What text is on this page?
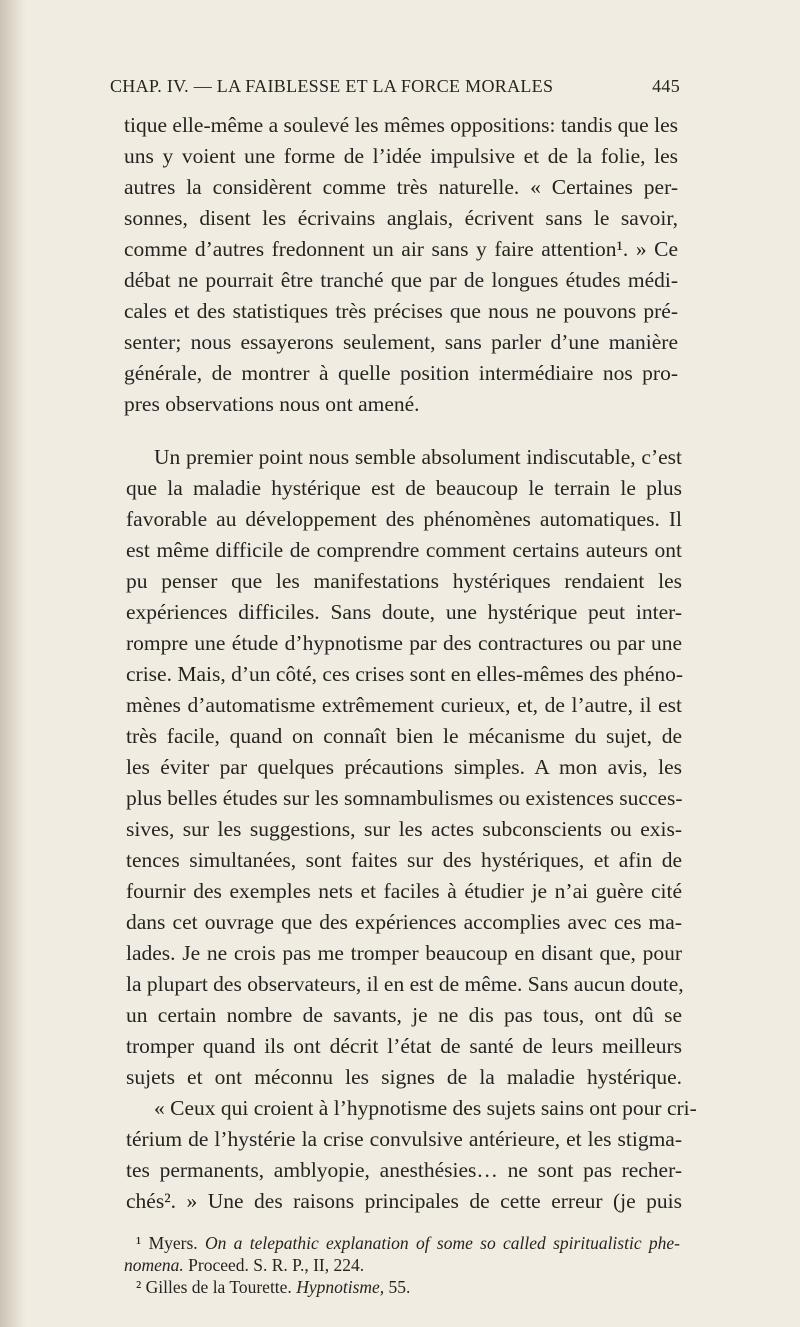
CHAP. IV. — LA FAIBLESSE ET LA FORCE MORALES	445
tique elle-même a soulevé les mêmes oppositions: tandis que les
uns y voient une forme de l’idée impulsive et de la folie, les
autres la considèrent comme très naturelle. « Certaines per-
sonnes, disent les écrivains anglais, écrivent sans le savoir,
comme d’autres fredonnent un air sans y faire attention¹. » Ce
débat ne pourrait être tranché que par de longues études médi-
cales et des statistiques très précises que nous ne pouvons pré-
senter; nous essayerons seulement, sans parler d’une manière
générale, de montrer à quelle position intermédiaire nos pro-
pres observations nous ont amené.
Un premier point nous semble absolument indiscutable, c’est
que la maladie hystérique est de beaucoup le terrain le plus
favorable au développement des phénomènes automatiques. Il
est même difficile de comprendre comment certains auteurs ont
pu penser que les manifestations hystériques rendaient les
expériences difficiles. Sans doute, une hystérique peut inter-
rompre une étude d’hypnotisme par des contractures ou par une
crise. Mais, d’un côté, ces crises sont en elles-mêmes des phéno-
mènes d’automatisme extrêmement curieux, et, de l’autre, il est
très facile, quand on connaît bien le mécanisme du sujet, de
les éviter par quelques précautions simples. A mon avis, les
plus belles études sur les somnambulismes ou existences succes-
sives, sur les suggestions, sur les actes subconscients ou exis-
tences simultanées, sont faites sur des hystériques, et afin de
fournir des exemples nets et faciles à étudier je n’ai guère cité
dans cet ouvrage que des expériences accomplies avec ces ma-
lades. Je ne crois pas me tromper beaucoup en disant que, pour
la plupart des observateurs, il en est de même. Sans aucun doute,
un certain nombre de savants, je ne dis pas tous, ont dû se
tromper quand ils ont décrit l’état de santé de leurs meilleurs
sujets et ont méconnu les signes de la maladie hystérique.
« Ceux qui croient à l’hypnotisme des sujets sains ont pour cri-
térium de l’hystérie la crise convulsive antérieure, et les stigma-
tes permanents, amblyopie, anesthésies… ne sont pas recher-
chés². » Une des raisons principales de cette erreur (je puis
¹ Myers. On a telepathic explanation of some so called spiritualistic phe-
nomena. Proceed. S. R. P., II, 224.
² Gilles de la Tourette. Hypnotisme, 55.
